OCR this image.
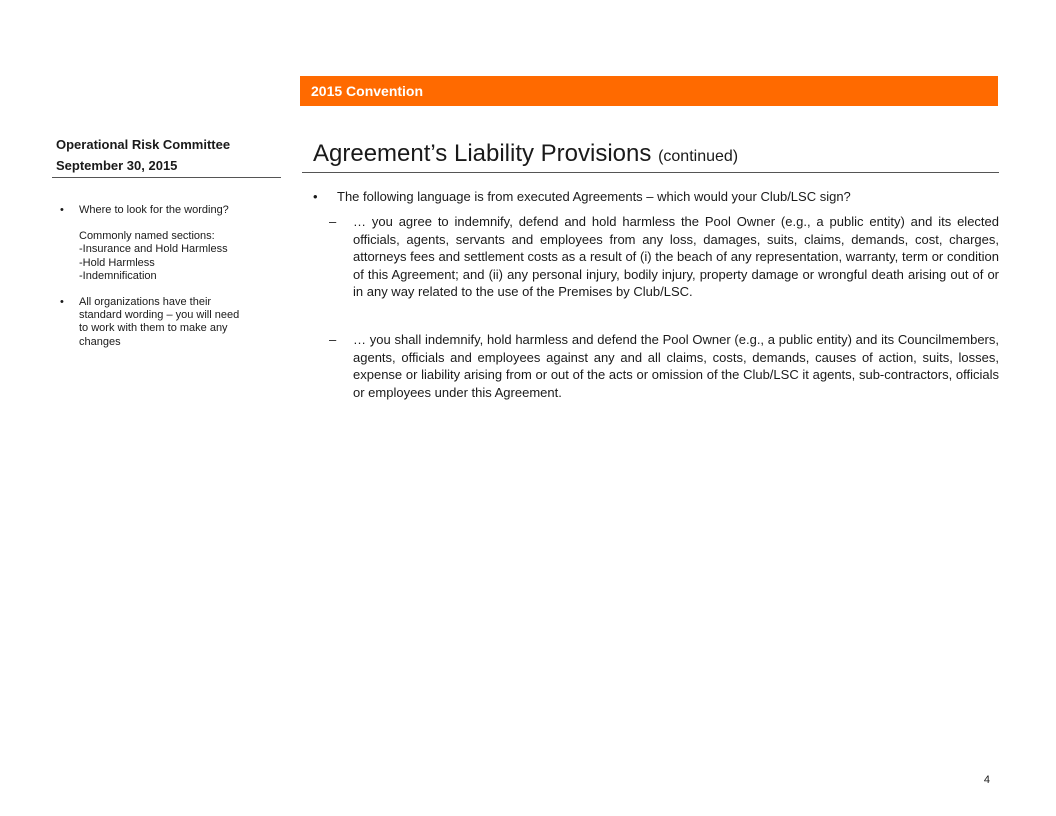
2015 Convention
Operational Risk Committee
September 30, 2015	Agreement’s Liability Provisions (continued)
• Where to look for the wording?

Commonly named sections:
-Insurance and Hold Harmless
-Hold Harmless
-Indemnification

• All organizations have their
standard wording – you will need
to work with them to make any
changes

• The following language is from executed Agreements – which would your Club/LSC sign?
– … you agree to indemnify, defend and hold harmless the Pool Owner (e.g., a public entity) and its elected officials, agents, servants and employees from any loss, damages, suits, claims, demands, cost, charges, attorneys fees and settlement costs as a result of (i) the beach of any representation, warranty, term or condition of this Agreement; and (ii) any personal injury, bodily injury, property damage or wrongful death arising out of or in any way related to the use of the Premises by Club/LSC.
– … you shall indemnify, hold harmless and defend the Pool Owner (e.g., a public entity) and its Councilmembers, agents, officials and employees against any and all claims, costs, demands, causes of action, suits, losses, expense or liability arising from or out of the acts or omission of the Club/LSC it agents, sub-contractors, officials or employees under this Agreement.
4
